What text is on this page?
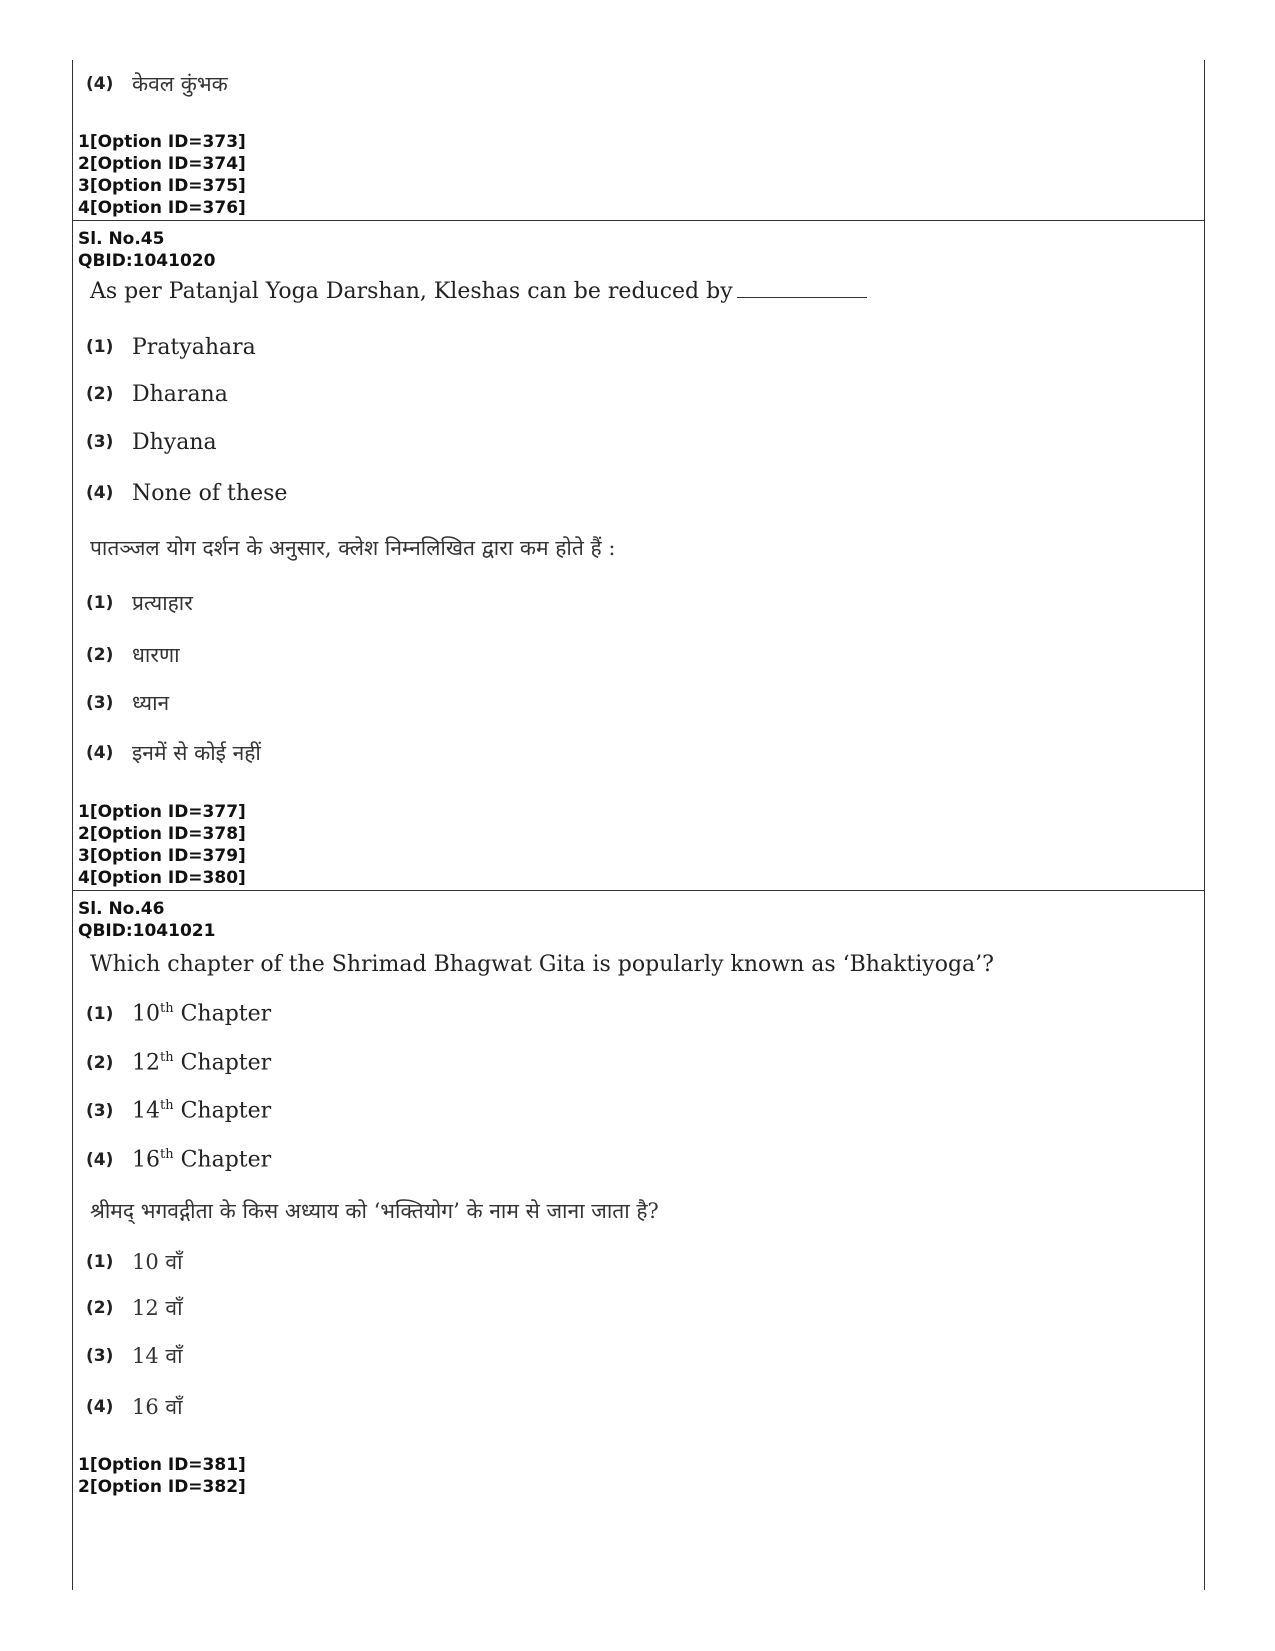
(4) केवल कुंभक
1[Option ID=373]
2[Option ID=374]
3[Option ID=375]
4[Option ID=376]
Sl. No.45
QBID:1041020
As per Patanjal Yoga Darshan, Kleshas can be reduced by
(1) Pratyahara
(2) Dharana
(3) Dhyana
(4) None of these
पातञ्जल योग दर्शन के अनुसार, क्लेश निम्नलिखित द्वारा कम होते हैं :
(1) प्रत्याहार
(2) धारणा
(3) ध्यान
(4) इनमें से कोई नहीं
1[Option ID=377]
2[Option ID=378]
3[Option ID=379]
4[Option ID=380]
Sl. No.46
QBID:1041021
Which chapter of the Shrimad Bhagwat Gita is popularly known as ‘Bhaktiyoga’?
(1) 10th Chapter
(2) 12th Chapter
(3) 14th Chapter
(4) 16th Chapter
श्रीमद् भगवद्गीता के किस अध्याय को ‘भक्तियोग’ के नाम से जाना जाता है?
(1) 10 वाँ
(2) 12 वाँ
(3) 14 वाँ
(4) 16 वाँ
1[Option ID=381]
2[Option ID=382]
